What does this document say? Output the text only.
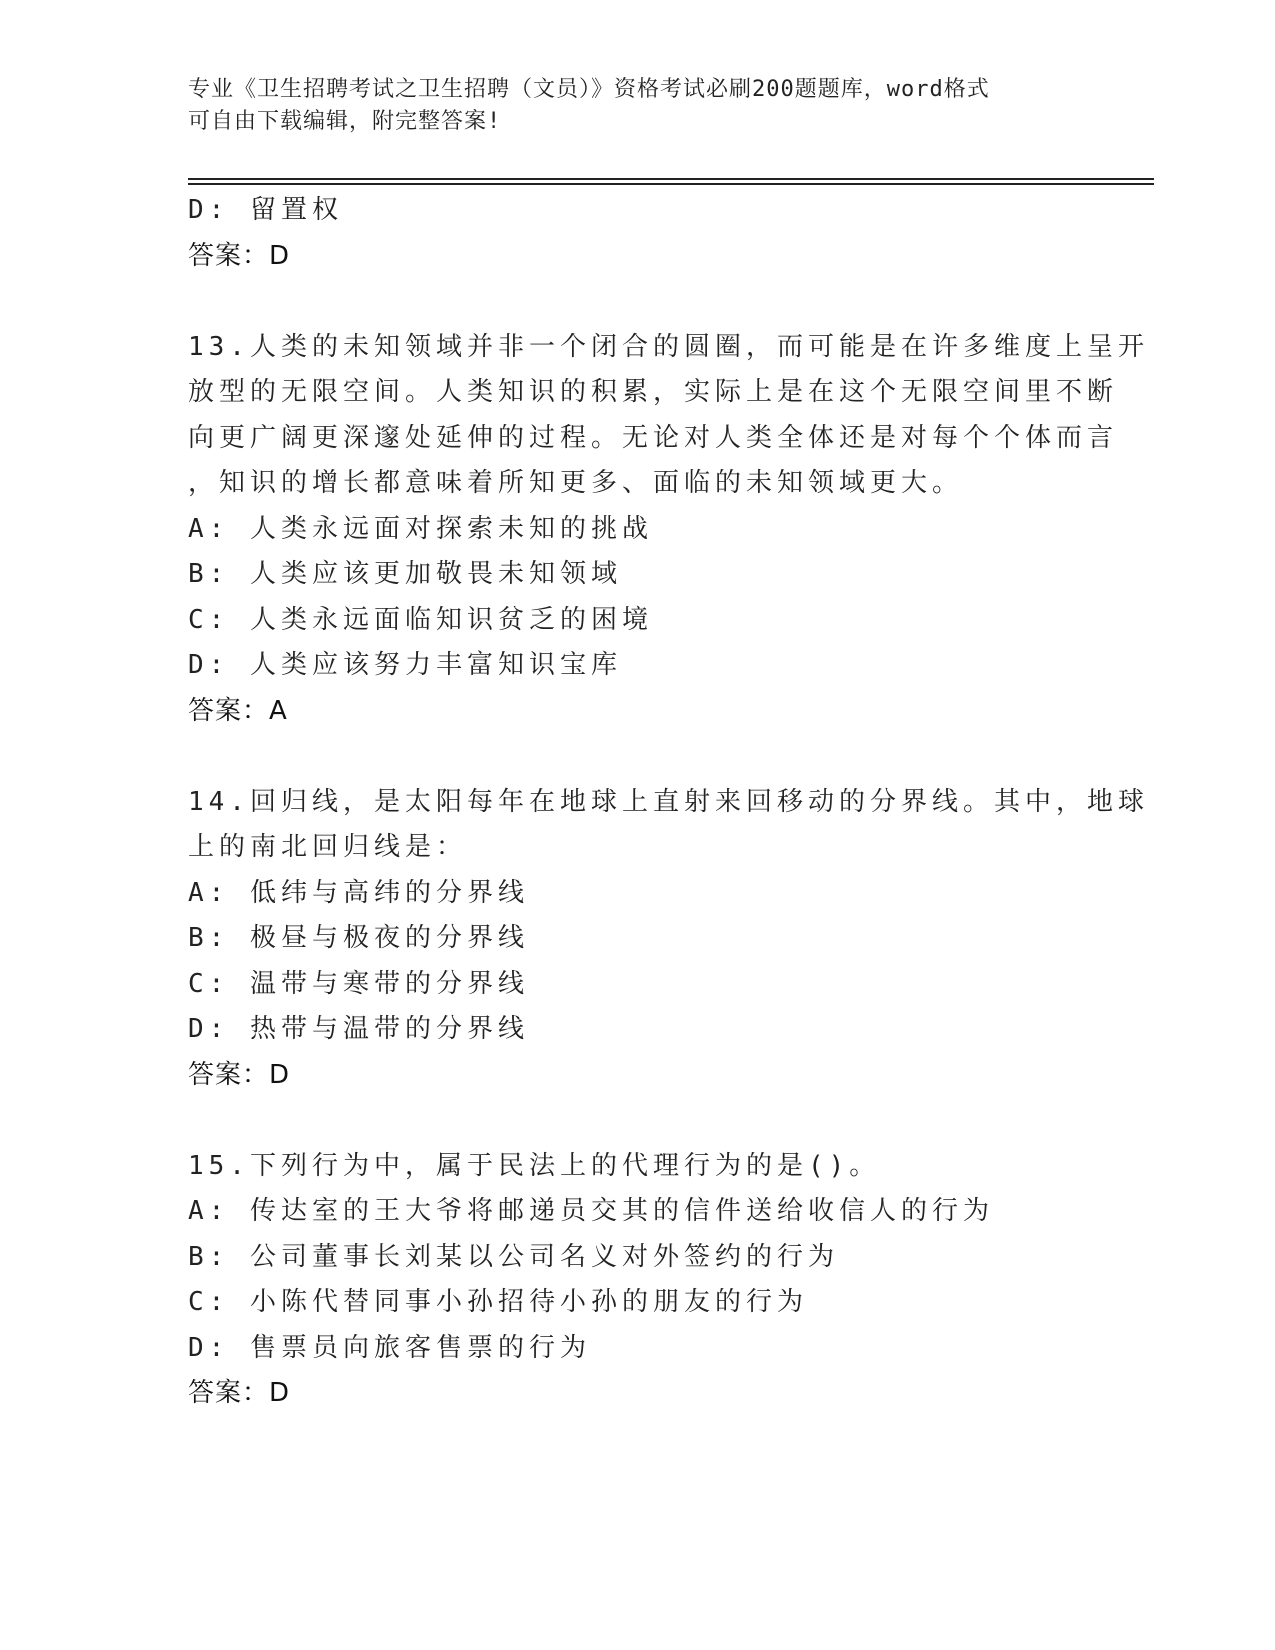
专业《卫生招聘考试之卫生招聘（文员）》资格考试必刷200题题库，word格式
可自由下载编辑，附完整答案!
D: 留置权
答案：D
13.人类的未知领域并非一个闭合的圆圈，而可能是在许多维度上呈开
放型的无限空间。人类知识的积累，实际上是在这个无限空间里不断
向更广阔更深邃处延伸的过程。无论对人类全体还是对每个个体而言
，知识的增长都意味着所知更多、面临的未知领域更大。
A: 人类永远面对探索未知的挑战
B: 人类应该更加敬畏未知领域
C: 人类永远面临知识贫乏的困境
D: 人类应该努力丰富知识宝库
答案：A
14.回归线，是太阳每年在地球上直射来回移动的分界线。其中，地球
上的南北回归线是：
A: 低纬与高纬的分界线
B: 极昼与极夜的分界线
C: 温带与寒带的分界线
D: 热带与温带的分界线
答案：D
15.下列行为中，属于民法上的代理行为的是()。
A: 传达室的王大爷将邮递员交其的信件送给收信人的行为
B: 公司董事长刘某以公司名义对外签约的行为
C: 小陈代替同事小孙招待小孙的朋友的行为
D: 售票员向旅客售票的行为
答案：D
